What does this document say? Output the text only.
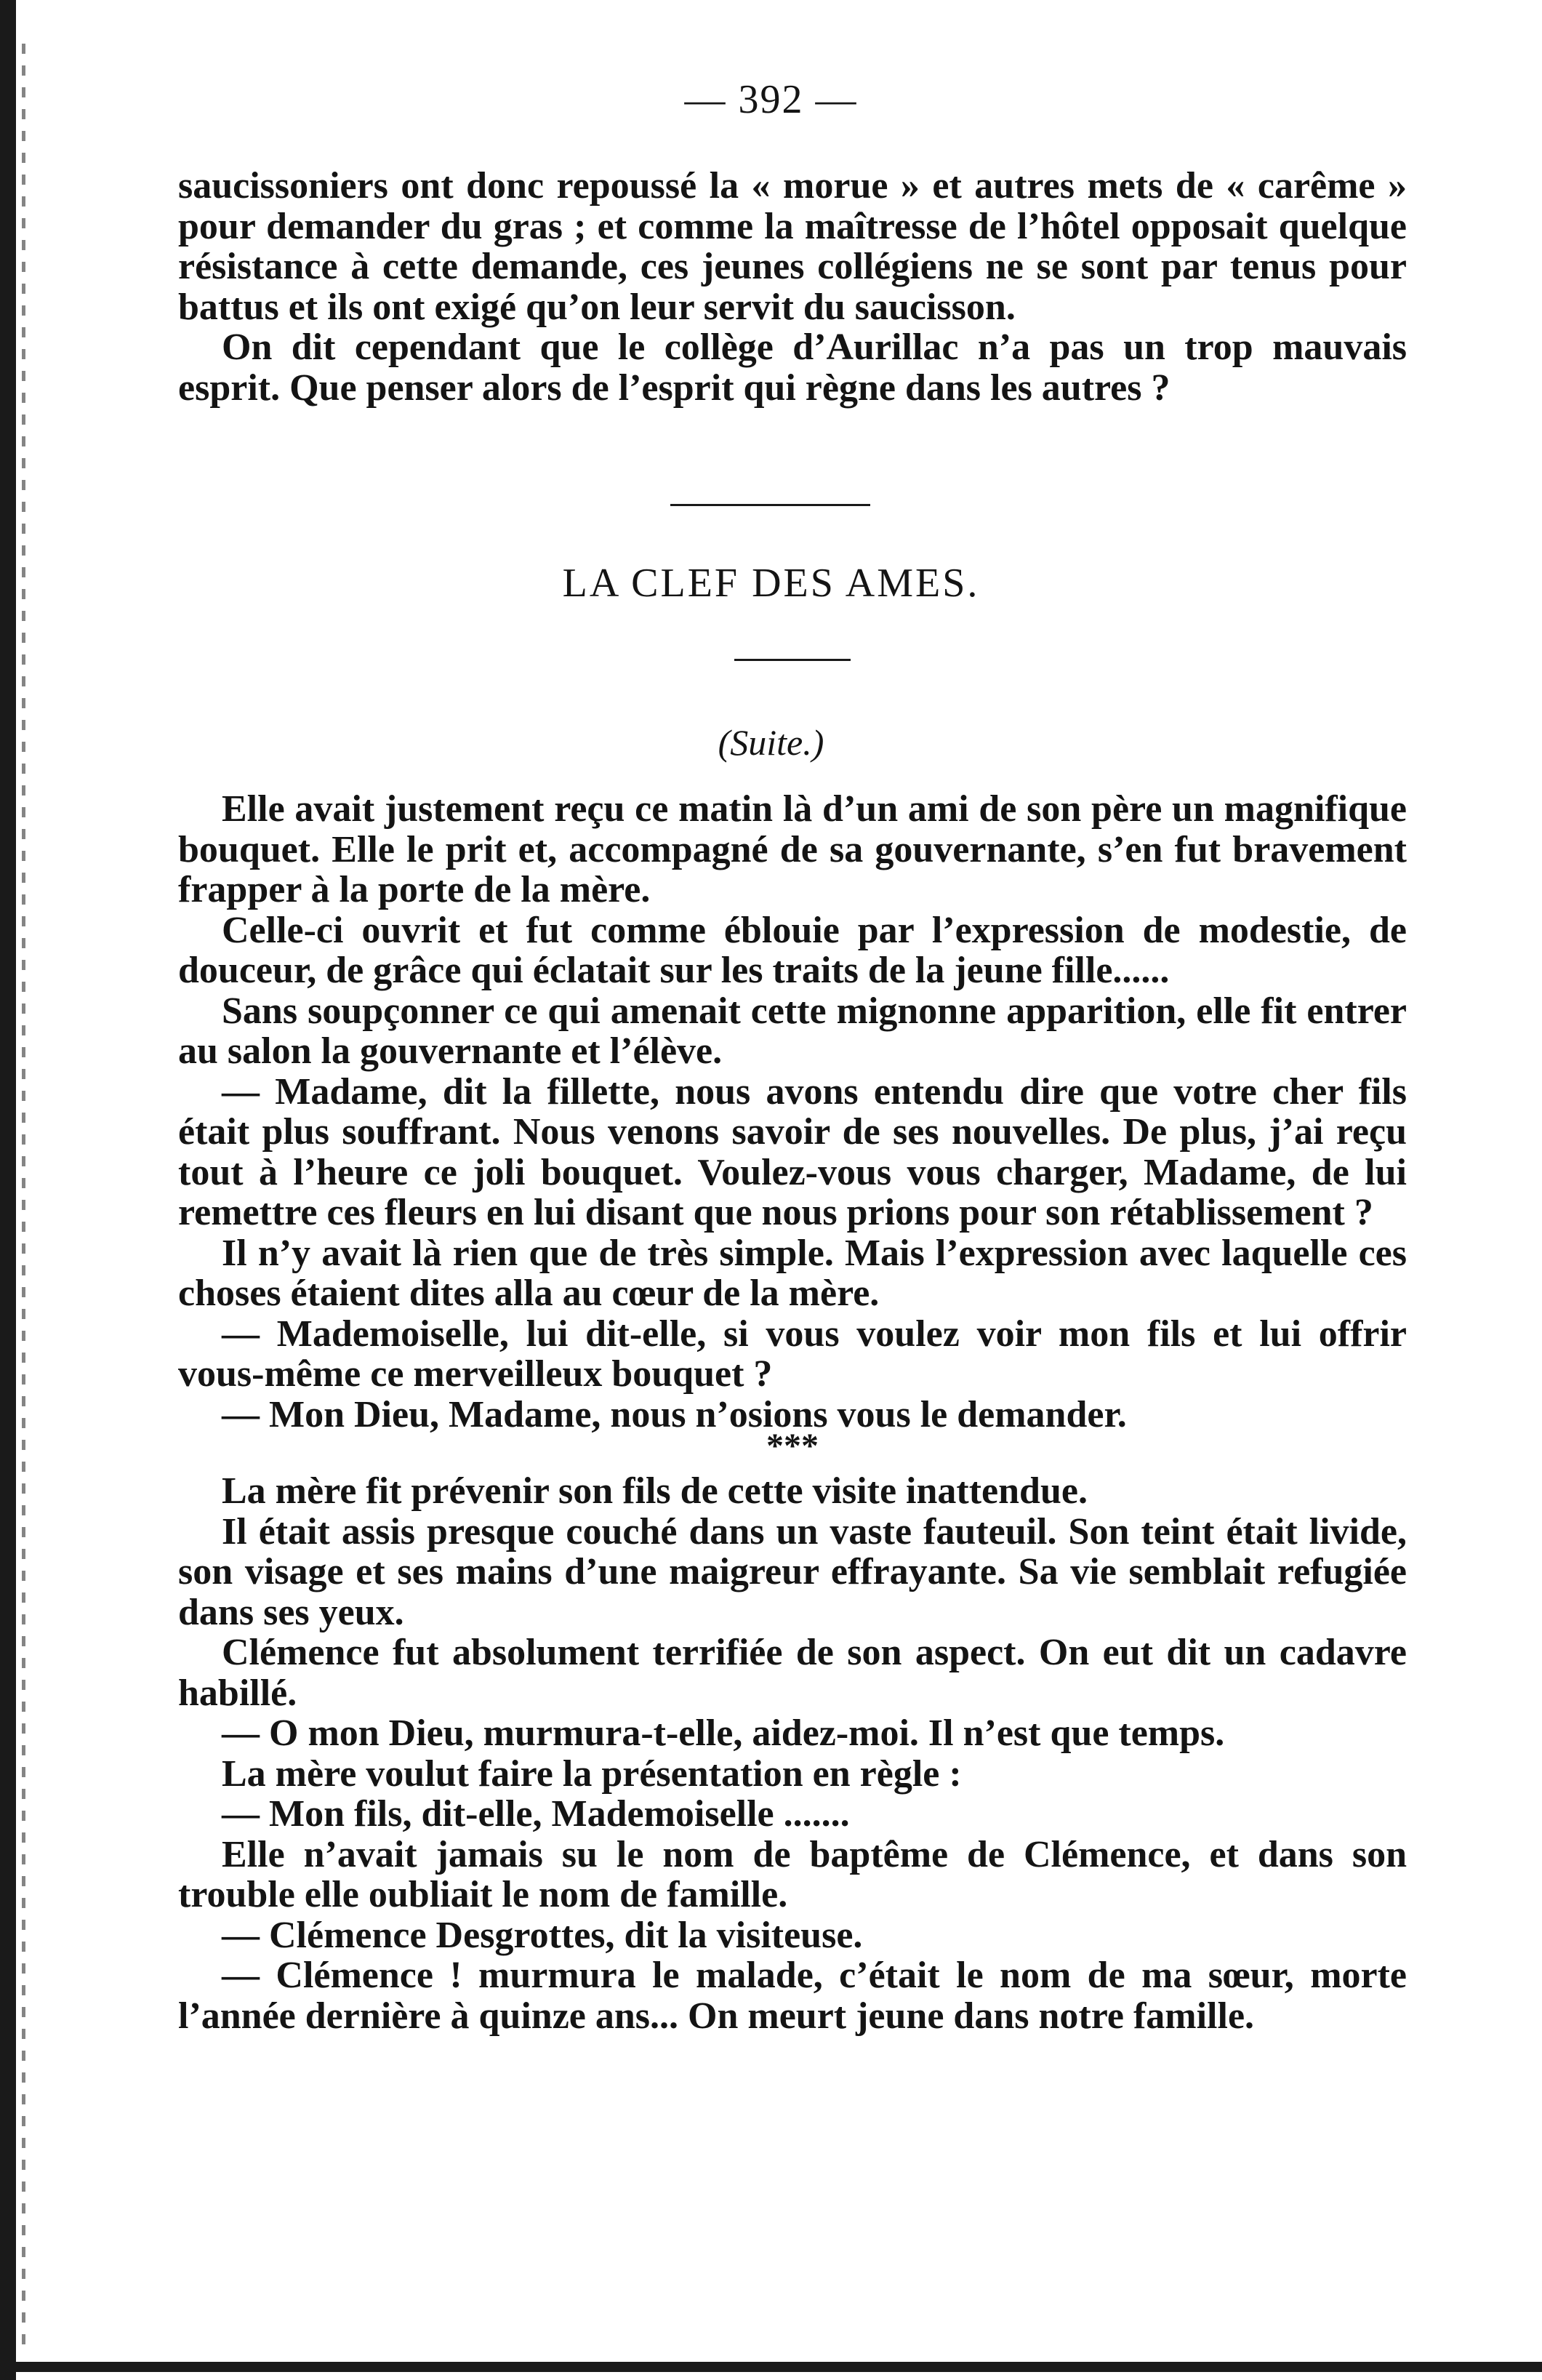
— 392 —

saucissoniers ont donc repoussé la « morue » et autres mets de « carême » pour demander du gras ; et comme la maîtresse de l’hôtel opposait quelque résistance à cette demande, ces jeunes collégiens ne se sont par tenus pour battus et ils ont exigé qu’on leur servit du saucisson.

On dit cependant que le collège d’Aurillac n’a pas un trop mauvais esprit. Que penser alors de l’esprit qui règne dans les autres ?

LA CLEF DES AMES.
(Suite.)

Elle avait justement reçu ce matin là d’un ami de son père un magnifique bouquet. Elle le prit et, accompagné de sa gouvernante, s’en fut bravement frapper à la porte de la mère.

Celle-ci ouvrit et fut comme éblouie par l’expression de modestie, de douceur, de grâce qui éclatait sur les traits de la jeune fille......

Sans soupçonner ce qui amenait cette mignonne apparition, elle fit entrer au salon la gouvernante et l’élève.

— Madame, dit la fillette, nous avons entendu dire que votre cher fils était plus souffrant. Nous venons savoir de ses nouvelles. De plus, j’ai reçu tout à l’heure ce joli bouquet. Voulez-vous vous charger, Madame, de lui remettre ces fleurs en lui disant que nous prions pour son rétablissement ?

Il n’y avait là rien que de très simple. Mais l’expression avec laquelle ces choses étaient dites alla au cœur de la mère.

— Mademoiselle, lui dit-elle, si vous voulez voir mon fils et lui offrir vous-même ce merveilleux bouquet ?

— Mon Dieu, Madame, nous n’osions vous le demander.

***

La mère fit prévenir son fils de cette visite inattendue.

Il était assis presque couché dans un vaste fauteuil. Son teint était livide, son visage et ses mains d’une maigreur effrayante. Sa vie semblait refugiée dans ses yeux.

Clémence fut absolument terrifiée de son aspect. On eut dit un cadavre habillé.

— O mon Dieu, murmura-t-elle, aidez-moi. Il n’est que temps.

La mère voulut faire la présentation en règle :

— Mon fils, dit-elle, Mademoiselle .......

Elle n’avait jamais su le nom de baptême de Clémence, et dans son trouble elle oubliait le nom de famille.

— Clémence Desgrottes, dit la visiteuse.

— Clémence ! murmura le malade, c’était le nom de ma sœur, morte l’année dernière à quinze ans... On meurt jeune dans notre famille.
